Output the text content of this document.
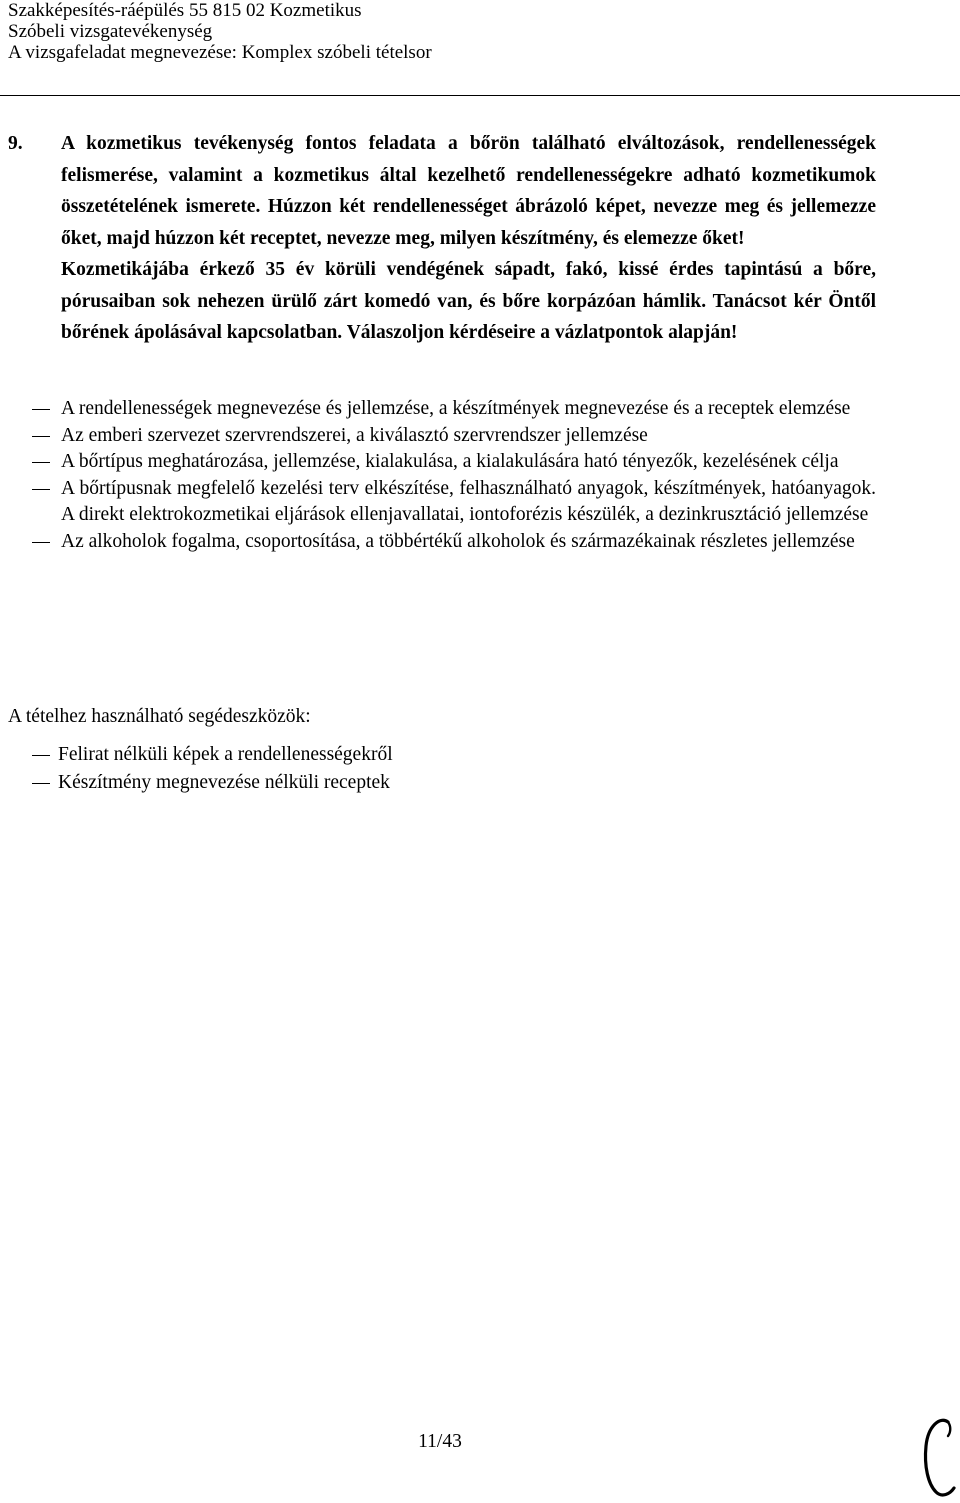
Szakképesítés-ráépülés 55 815 02 Kozmetikus
Szóbeli vizsgatevékenység
A vizsgafeladat megnevezése: Komplex szóbeli tételsor
9. A kozmetikus tevékenység fontos feladata a bőrön található elváltozások, rendellenességek felismerése, valamint a kozmetikus által kezelhető rendellenességekre adható kozmetikumok összetételének ismerete. Húzzon két rendellenességet ábrázoló képet, nevezze meg és jellemezze őket, majd húzzon két receptet, nevezze meg, milyen készítmény, és elemezze őket!
Kozmetikájába érkező 35 év körüli vendégének sápadt, fakó, kissé érdes tapintású a bőre, pórusaiban sok nehezen ürülő zárt komedó van, és bőre korpázóan hámlik. Tanácsot kér Öntől bőrének ápolásával kapcsolatban. Válaszoljon kérdéseire a vázlatpontok alapján!
A rendellenességek megnevezése és jellemzése, a készítmények megnevezése és a receptek elemzése
Az emberi szervezet szervrendszerei, a kiválasztó szervrendszer jellemzése
A bőrtípus meghatározása, jellemzése, kialakulása, a kialakulására ható tényezők, kezelésének célja
A bőrtípusnak megfelelő kezelési terv elkészítése, felhasználható anyagok, készítmények, hatóanyagok. A direkt elektrokozmetikai eljárások ellenjavallatai, iontoforézis készülék, a dezinkrusztáció jellemzése
Az alkoholok fogalma, csoportosítása, a többértékű alkoholok és származékainak részletes jellemzése
A tételhez használható segédeszközök:
Felirat nélküli képek a rendellenességekről
Készítmény megnevezése nélküli receptek
11/43
